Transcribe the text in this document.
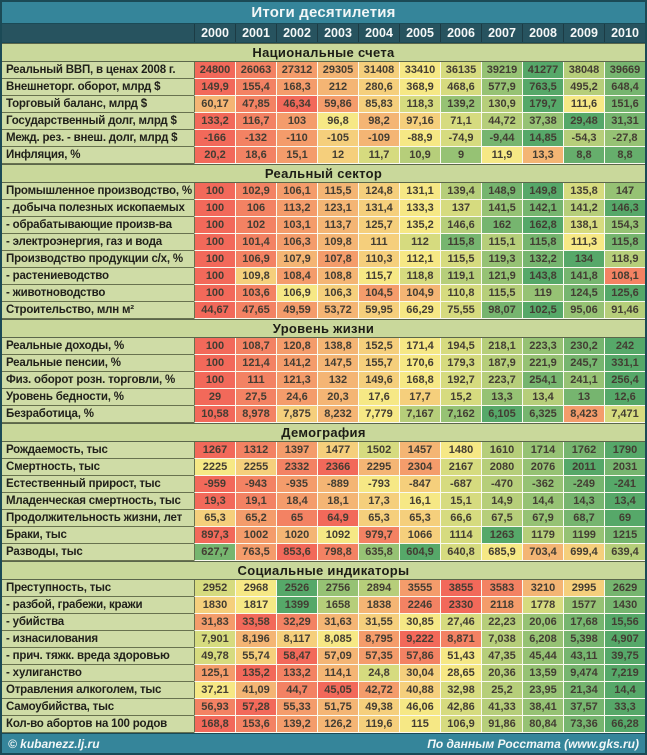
Итоги десятилетия
2000	2001	2002	2003	2004	2005	2006	2007	2008	2009	2010
Национальные счета
Реальный ВВП, в ценах 2008 г.	24800 26063 27312 29305 31408 33410 36135 39219 41277 38048 39669
Внешнеторг. оборот, млрд $	149,9	155,4	168,3	212	280,6	368,9	468,6	577,9	763,5	495,2	648,4
Торговый баланс, млрд $	60,17	47,85	46,34	59,86	85,83	118,3	139,2	130,9	179,7	111,6	151,6
Государственный долг, млрд $	133,2	116,7	103	96,8	98,2	97,16	71,1	44,72	37,38	29,48	31,31
Межд. рез. - внеш. долг, млрд $	-166	-132	-110	-105	-109	-88,9	-74,9	-9,44	14,85	-54,3	-27,8
Инфляция, %	20,2	18,6	15,1	12	11,7	10,9	9	11,9	13,3	8,8	8,8
Реальный сектор
Промышленное производство, %	100	102,9	106,1	115,5	124,8	131,1	139,4	148,9	149,8	135,8	147
- добыча полезных ископаемых	100	106	113,2	123,1	131,4	133,3	137	141,5	142,1	141,2	146,3
- обрабатывающие произв-ва	100	102	103,1	113,7	125,7	135,2	146,6	162	162,8	138,1	154,3
- электроэнергия, газ и вода	100	101,4	106,3	109,8	111	112	115,8	115,1	115,8	111,3	115,8
Производство продукции с/х, %	100	106,9	107,9	107,8	110,3	112,1	115,5	119,3	132,2	134	118,9
- растениеводство	100	109,8	108,4	108,8	115,7	118,8	119,1	121,9	143,8	141,8	108,1
- животноводство	100	103,6	106,9	106,3	104,5	104,9	110,8	115,5	119	124,5	125,6
Строительство, млн м²	44,67	47,65	49,59	53,72	59,95	66,29	75,55	98,07	102,5	95,06	91,46
Уровень жизни
Реальные доходы, %	100	108,7	120,8	138,8	152,5	171,4	194,5	218,1	223,3	230,2	242
Реальные пенсии, %	100	121,4	141,2	147,5	155,7	170,6	179,3	187,9	221,9	245,7	331,1
Физ. оборот розн. торговли, %	100	111	121,3	132	149,6	168,8	192,7	223,7	254,1	241,1	256,4
Уровень бедности, %	29	27,5	24,6	20,3	17,6	17,7	15,2	13,3	13,4	13	12,6
Безработица, %	10,58	8,978	7,875	8,232	7,779	7,167	7,162	6,105	6,325	8,423	7,471
Демография
Рождаемость, тыс	1267	1312	1397	1477	1502	1457	1480	1610	1714	1762	1790
Смертность, тыс	2225	2255	2332	2366	2295	2304	2167	2080	2076	2011	2031
Естественный прирост, тыс	-959	-943	-935	-889	-793	-847	-687	-470	-362	-249	-241
Младенческая смертность, тыс	19,3	19,1	18,4	18,1	17,3	16,1	15,1	14,9	14,4	14,3	13,4
Продолжительность жизни, лет	65,3	65,2	65	64,9	65,3	65,3	66,6	67,5	67,9	68,7	69
Браки, тыс	897,3	1002	1020	1092	979,7	1066	1114	1263	1179	1199	1215
Разводы, тыс	627,7	763,5	853,6	798,8	635,8	604,9	640,8	685,9	703,4	699,4	639,4
Социальные индикаторы
Преступность, тыс	2952	2968	2526	2756	2894	3555	3855	3583	3210	2995	2629
- разбой, грабежи, кражи	1830	1817	1399	1658	1838	2246	2330	2118	1778	1577	1430
- убийства	31,83	33,58	32,29	31,63	31,55	30,85	27,46	22,23	20,06	17,68	15,56
- изнасилования	7,901	8,196	8,117	8,085	8,795	9,222	8,871	7,038	6,208	5,398	4,907
- прич. тяжк. вреда здоровью	49,78	55,74	58,47	57,09	57,35	57,86	51,43	47,35	45,44	43,11	39,75
- хулиганство	125,1	135,2	133,2	114,1	24,8	30,04	28,65	20,36	13,59	9,474	7,219
Отравления алкоголем, тыс	37,21	41,09	44,7	45,05	42,72	40,88	32,98	25,2	23,95	21,34	14,4
Самоубийства, тыс	56,93	57,28	55,33	51,75	49,38	46,06	42,86	41,33	38,41	37,57	33,3
Кол-во абортов на 100 родов	168,8	153,6	139,2	126,2	119,6	115	106,9	91,86	80,84	73,36	66,28
© kubanezz.lj.ru	По данным Росстата (www.gks.ru)
